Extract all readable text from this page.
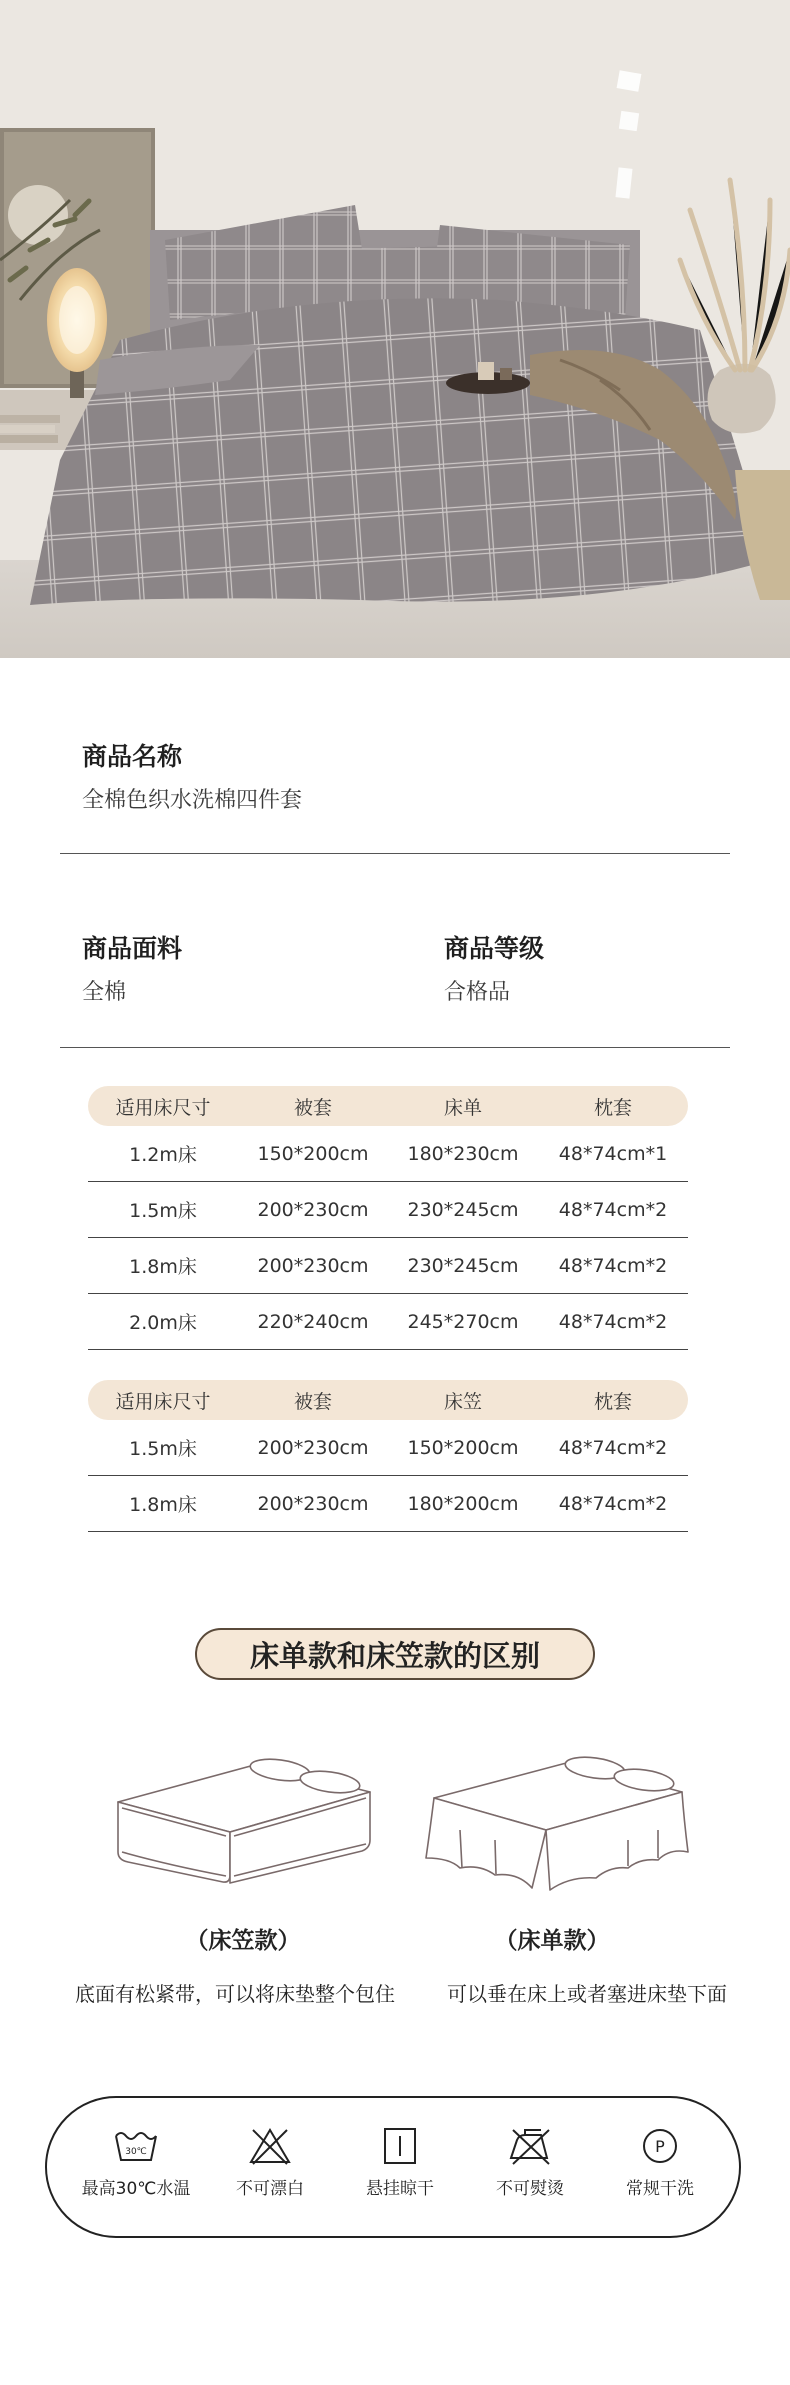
商品名称
全棉色织水洗棉四件套
商品面料
全棉
商品等级
合格品
适用床尺寸	被套	床单	枕套
1.2m床	150*200cm	180*230cm	48*74cm*1
1.5m床	200*230cm	230*245cm	48*74cm*2
1.8m床	200*230cm	230*245cm	48*74cm*2
2.0m床	220*240cm	245*270cm	48*74cm*2
适用床尺寸	被套	床笠	枕套
1.5m床	200*230cm	150*200cm	48*74cm*2
1.8m床	200*230cm	180*200cm	48*74cm*2
床单款和床笠款的区别
（床笠款）	（床单款）
底面有松紧带，可以将床垫整个包住	可以垂在床上或者塞进床垫下面
30℃
最高30℃水温	不可漂白	悬挂晾干	不可熨烫
P
常规干洗
